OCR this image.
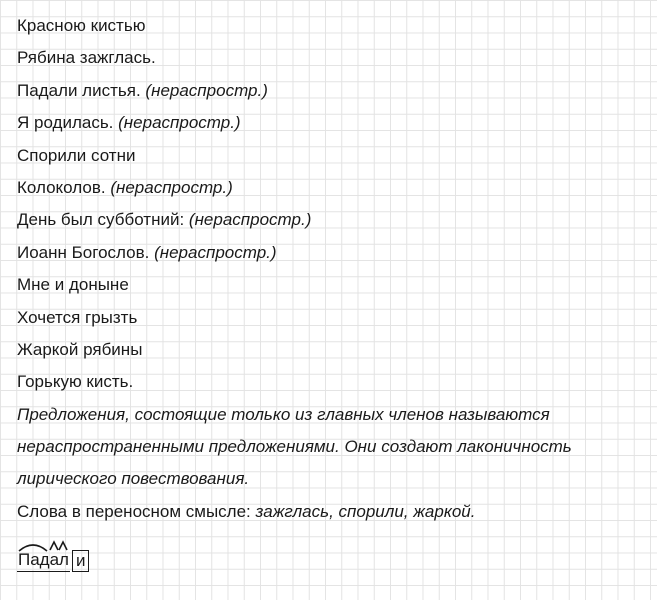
Красною кистью
Рябина зажглась.
Падали листья. (нераспростр.)
Я родилась. (нераспростр.)
Спорили сотни
Колоколов. (нераспростр.)
День был субботний: (нераспростр.)
Иоанн Богослов. (нераспростр.)
Мне и доныне
Хочется грызть
Жаркой рябины
Горькую кисть.
Предложения, состоящие только из главных членов называются
нераспространенными предложениями. Они создают лаконичность
лирического повествования.
Слова в переносном смысле: зажглась, спорили, жаркой.
Падал и
